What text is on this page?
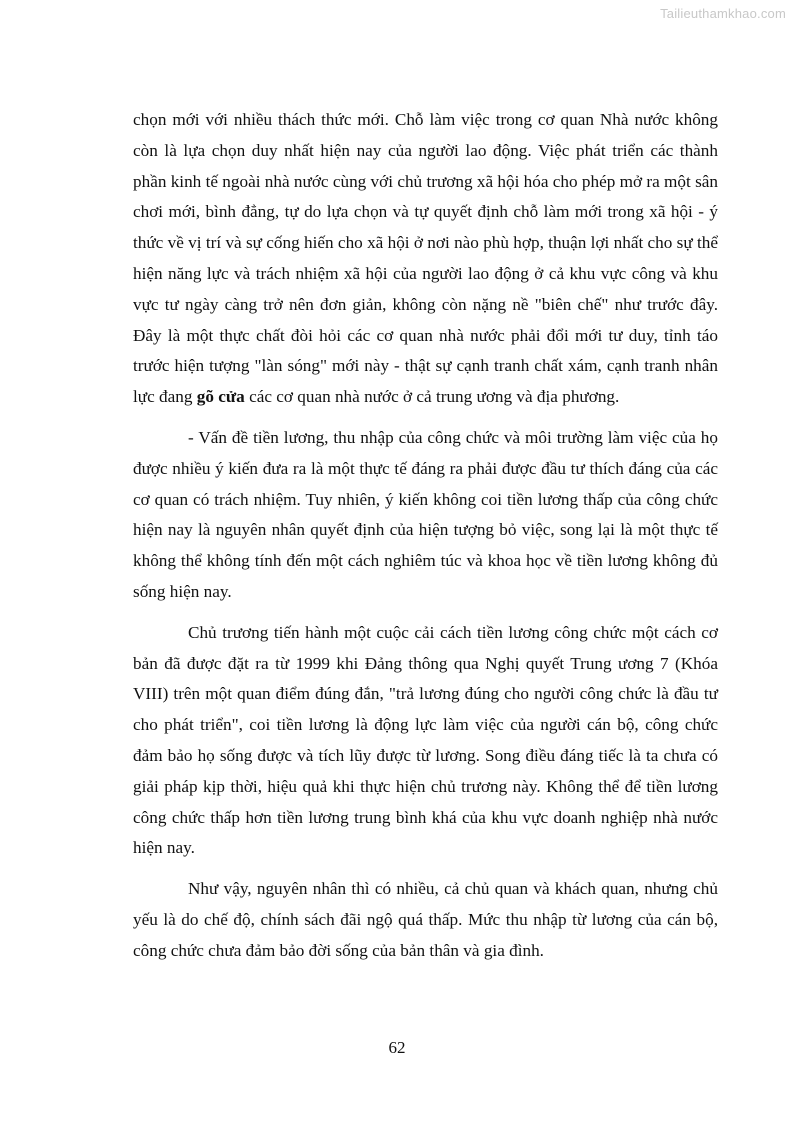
Tailieuthamkhao.com

chọn mới với nhiều thách thức mới. Chỗ làm việc trong cơ quan Nhà nước không còn là lựa chọn duy nhất hiện nay của người lao động. Việc phát triển các thành phần kinh tế ngoài nhà nước cùng với chủ trương xã hội hóa cho phép mở ra một sân chơi mới, bình đẳng, tự do lựa chọn và tự quyết định chỗ làm mới trong xã hội - ý thức về vị trí và sự cống hiến cho xã hội ở nơi nào phù hợp, thuận lợi nhất cho sự thể hiện năng lực và trách nhiệm xã hội của người lao động ở cả khu vực công và khu vực tư ngày càng trở nên đơn giản, không còn nặng nề "biên chế" như trước đây. Đây là một thực chất đòi hỏi các cơ quan nhà nước phải đổi mới tư duy, tỉnh táo trước hiện tượng "làn sóng" mới này - thật sự cạnh tranh chất xám, cạnh tranh nhân lực đang gõ cửa các cơ quan nhà nước ở cả trung ương và địa phương.

- Vấn đề tiền lương, thu nhập của công chức và môi trường làm việc của họ được nhiều ý kiến đưa ra là một thực tế đáng ra phải được đầu tư thích đáng của các cơ quan có trách nhiệm. Tuy nhiên, ý kiến không coi tiền lương thấp của công chức hiện nay là nguyên nhân quyết định của hiện tượng bỏ việc, song lại là một thực tế không thể không tính đến một cách nghiêm túc và khoa học về tiền lương không đủ sống hiện nay.

Chủ trương tiến hành một cuộc cải cách tiền lương công chức một cách cơ bản đã được đặt ra từ 1999 khi Đảng thông qua Nghị quyết Trung ương 7 (Khóa VIII) trên một quan điểm đúng đắn, "trả lương đúng cho người công chức là đầu tư cho phát triển", coi tiền lương là động lực làm việc của người cán bộ, công chức đảm bảo họ sống được và tích lũy được từ lương. Song điều đáng tiếc là ta chưa có giải pháp kịp thời, hiệu quả khi thực hiện chủ trương này. Không thể để tiền lương công chức thấp hơn tiền lương trung bình khá của khu vực doanh nghiệp nhà nước hiện nay.

Như vậy, nguyên nhân thì có nhiều, cả chủ quan và khách quan, nhưng chủ yếu là do chế độ, chính sách đãi ngộ quá thấp. Mức thu nhập từ lương của cán bộ, công chức chưa đảm bảo đời sống của bản thân và gia đình.

62
